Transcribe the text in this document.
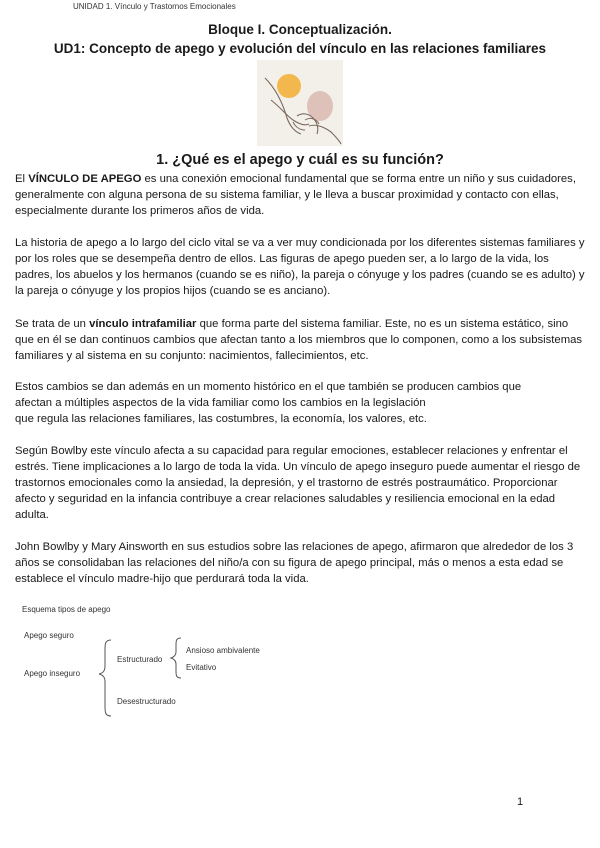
UNIDAD 1. Vínculo y Trastornos Emocionales
Bloque I. Conceptualización.
UD1: Concepto de apego y evolución del vínculo en las relaciones familiares
1. ¿Qué es el apego y cuál es su función?

El VÍNCULO DE APEGO es una conexión emocional fundamental que se forma entre un niño y sus cuidadores, generalmente con alguna persona de su sistema familiar, y le lleva a buscar proximidad y contacto con ellas, especialmente durante los primeros años de vida.

La historia de apego a lo largo del ciclo vital se va a ver muy condicionada por los diferentes sistemas familiares y por los roles que se desempeña dentro de ellos. Las figuras de apego pueden ser, a lo largo de la vida, los padres, los abuelos y los hermanos (cuando se es niño), la pareja o cónyuge y los padres (cuando se es adulto) y la pareja o cónyuge y los propios hijos (cuando se es anciano).

Se trata de un vínculo intrafamiliar que forma parte del sistema familiar. Este, no es un sistema estático, sino que en él se dan continuos cambios que afectan tanto a los miembros que lo componen, como a los subsistemas familiares y al sistema en su conjunto: nacimientos, fallecimientos, etc.

Estos cambios se dan además en un momento histórico en el que también se producen cambios que

afectan a múltiples aspectos de la vida familiar como los cambios en la legislación

que regula las relaciones familiares, las costumbres, la economía, los valores, etc.

Según Bowlby este vínculo afecta a su capacidad para regular emociones, establecer relaciones y enfrentar el estrés. Tiene implicaciones a lo largo de toda la vida. Un vínculo de apego inseguro puede aumentar el riesgo de trastornos emocionales como la ansiedad, la depresión, y el trastorno de estrés postraumático. Proporcionar afecto y seguridad en la infancia contribuye a crear relaciones saludables y resiliencia emocional en la edad adulta.

John Bowlby y Mary Ainsworth en sus estudios sobre las relaciones de apego, afirmaron que alrededor de los 3 años se consolidaban las relaciones del niño/a con su figura de apego principal, más o menos a esta edad se establece el vínculo madre-hijo que perdurará toda la vida.

Esquema tipos de apego
Apego seguro
Apego inseguro
Estructurado
Ansioso ambivalente
Evitativo
Desestructurado
1
